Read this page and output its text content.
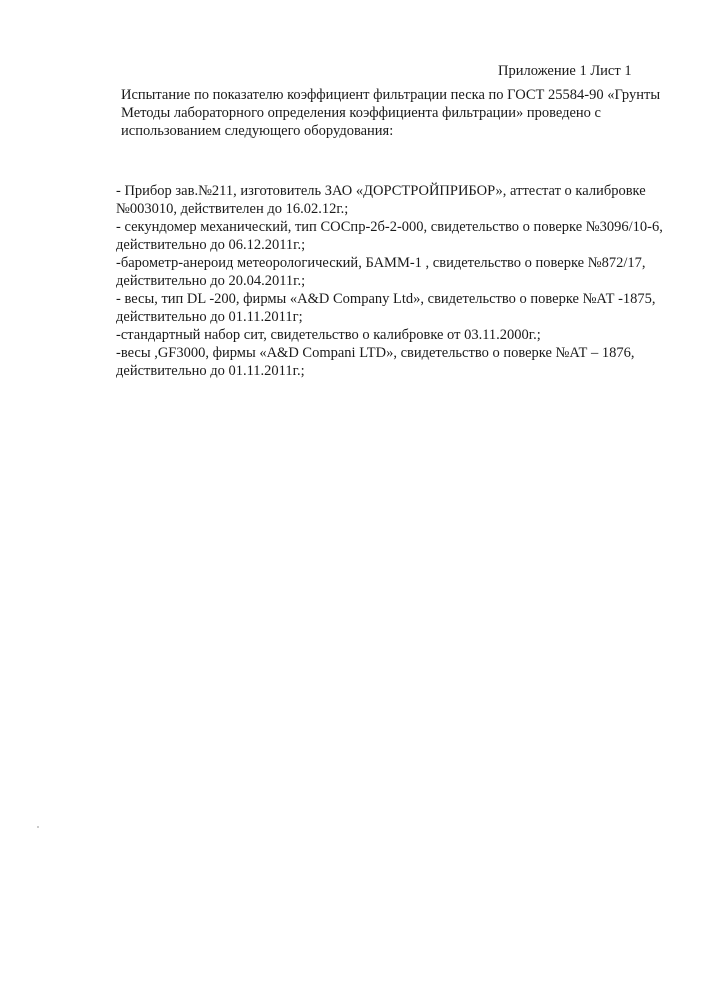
Приложение 1 Лист 1
Испытание по показателю коэффициент фильтрации песка по ГОСТ 25584-90 «Грунты
Методы лабораторного определения коэффициента фильтрации» проведено с
использованием следующего оборудования:
- Прибор зав.№211, изготовитель ЗАО «ДОРСТРОЙПРИБОР», аттестат о калибровке
№003010, действителен до 16.02.12г.;
- секундомер механический, тип СОСпр-2б-2-000, свидетельство о поверке №3096/10-6,
действительно до 06.12.2011г.;
-барометр-анероид метеорологический, БАММ-1 , свидетельство о поверке №872/17,
действительно до 20.04.2011г.;
- весы, тип DL -200, фирмы «A&D Company Ltd», свидетельство о поверке №АТ -1875,
действительно до 01.11.2011г;
-стандартный набор сит, свидетельство о калибровке от 03.11.2000г.;
-весы ,GF3000, фирмы «A&D Compani LTD», свидетельство о поверке №АТ – 1876,
действительно до 01.11.2011г.;
